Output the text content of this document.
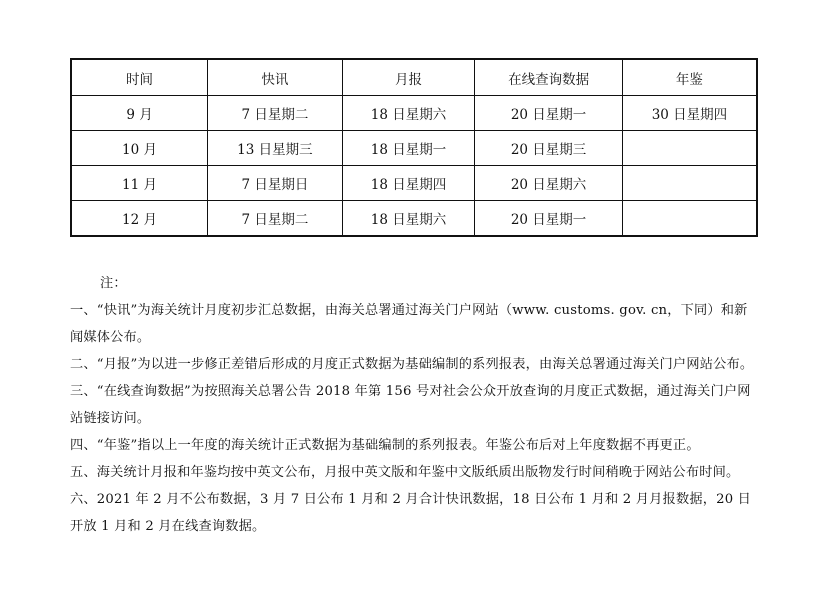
时间	快讯	月报	在线查询数据	年鉴
9 月	7 日星期二	18 日星期六	20 日星期一	30 日星期四
10 月	13 日星期三	18 日星期一	20 日星期三	
11 月	7 日星期日	18 日星期四	20 日星期六	
12 月	7 日星期二	18 日星期六	20 日星期一	

注：

一、“快讯”为海关统计月度初步汇总数据，由海关总署通过海关门户网站（www. customs. gov. cn，下同）和新闻媒体公布。

二、“月报”为以进一步修正差错后形成的月度正式数据为基础编制的系列报表，由海关总署通过海关门户网站公布。

三、“在线查询数据”为按照海关总署公告 2018 年第 156 号对社会公众开放查询的月度正式数据，通过海关门户网站链接访问。

四、“年鉴”指以上一年度的海关统计正式数据为基础编制的系列报表。年鉴公布后对上年度数据不再更正。

五、海关统计月报和年鉴均按中英文公布，月报中英文版和年鉴中文版纸质出版物发行时间稍晚于网站公布时间。

六、2021 年 2 月不公布数据，3 月 7 日公布 1 月和 2 月合计快讯数据，18 日公布 1 月和 2 月月报数据，20 日开放 1 月和 2 月在线查询数据。
